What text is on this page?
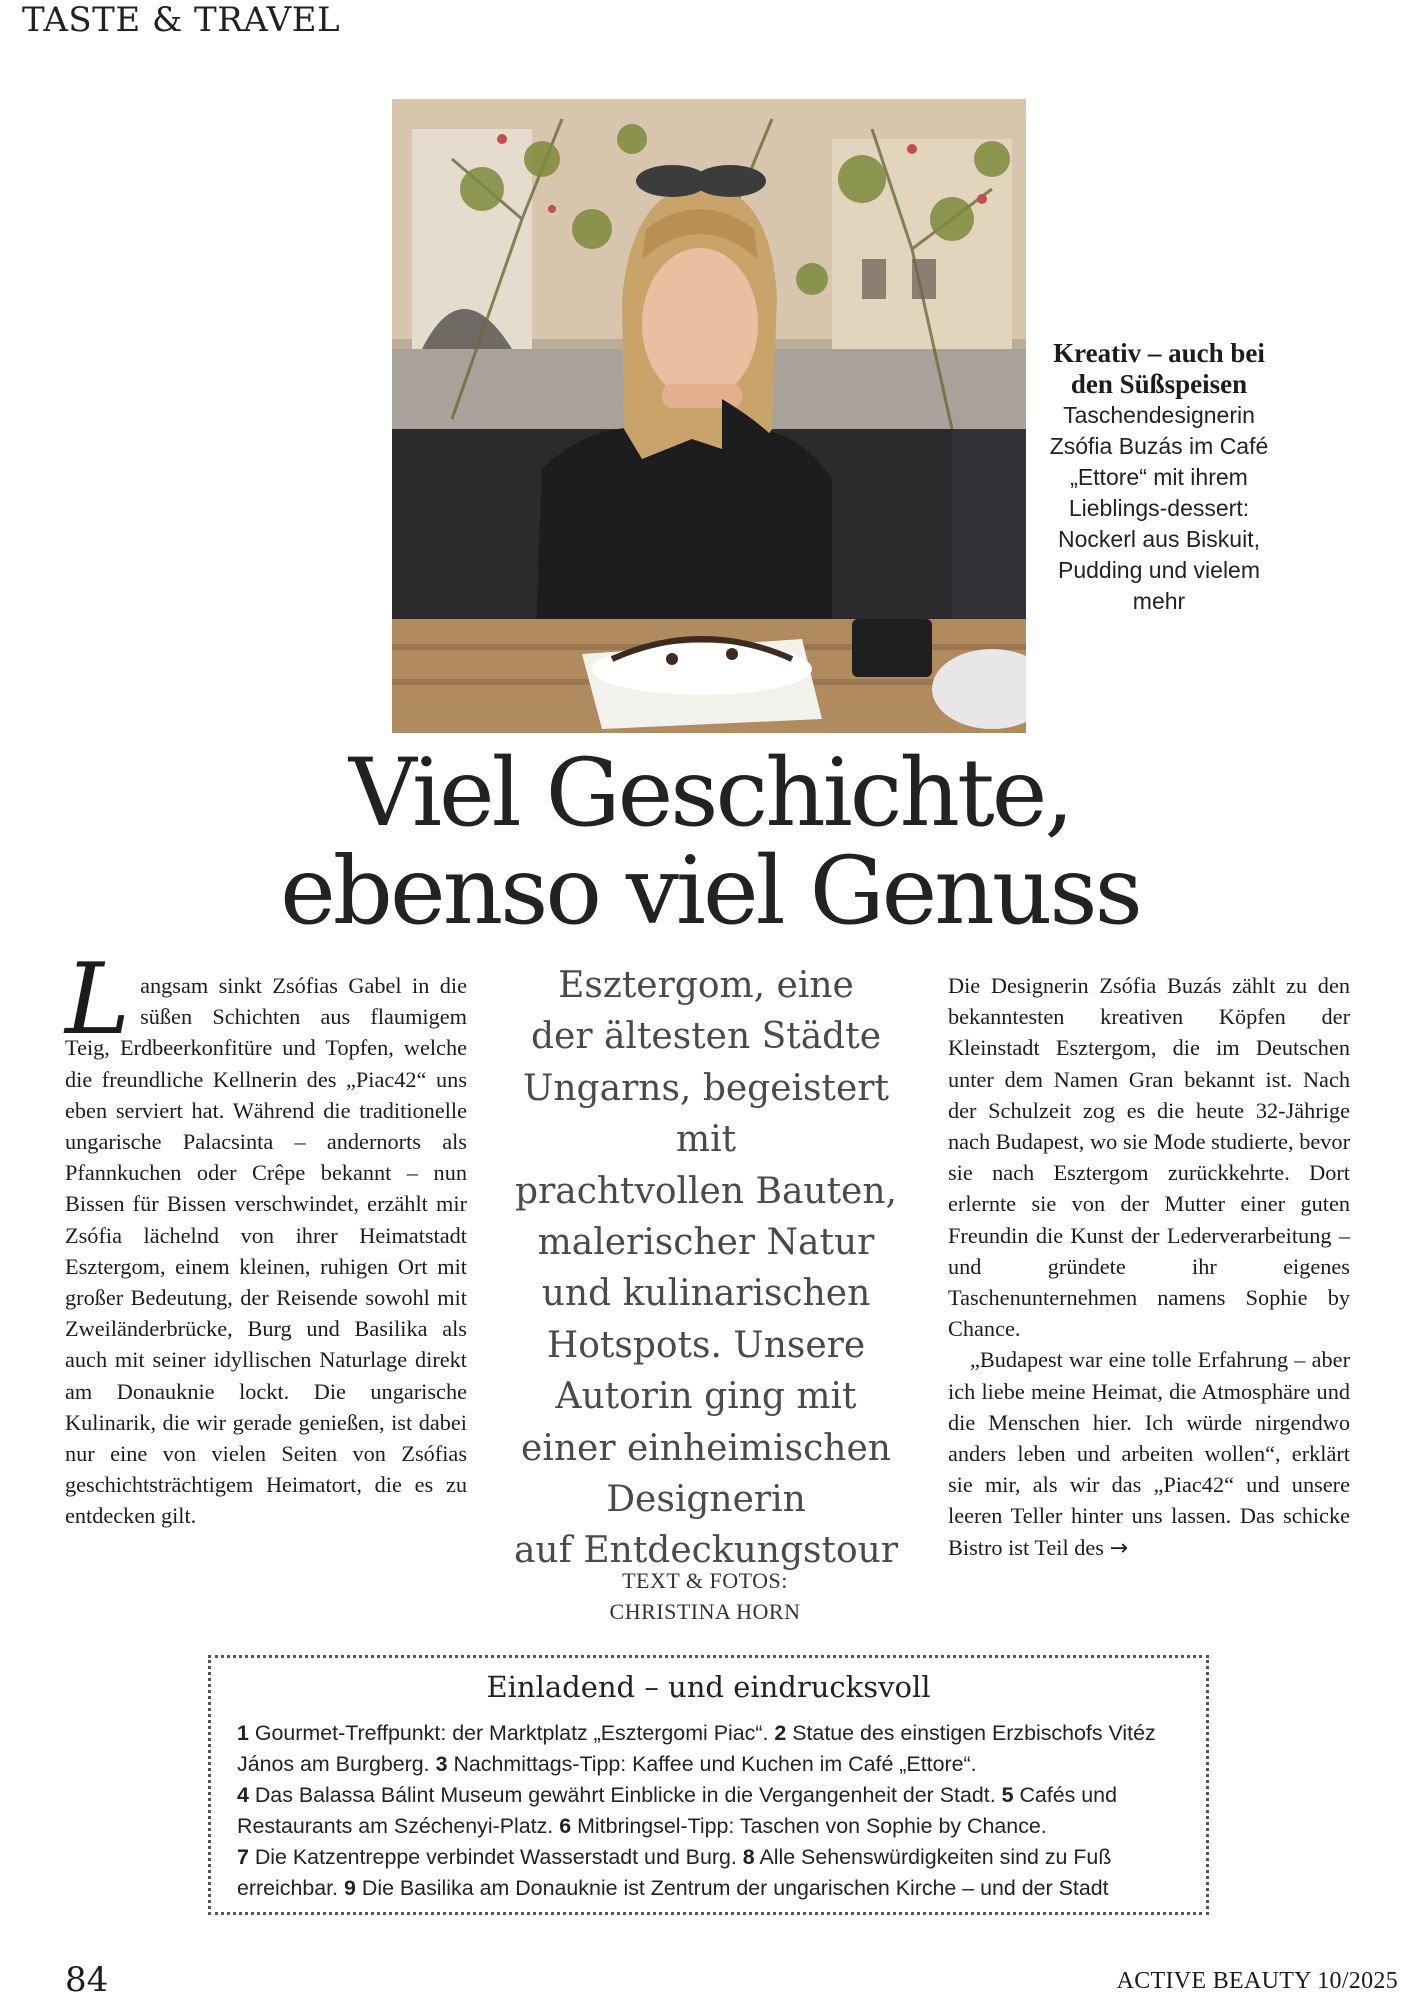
TASTE & TRAVEL
Kreativ – auch bei den Süßspeisen
Taschendesignerin Zsófia Buzás im Café „Ettore“ mit ihrem Lieblings-dessert: Nockerl aus Biskuit, Pudding und vielem mehr
Viel Geschichte,
ebenso viel Genuss
L angsam sinkt Zsófias Gabel in die süßen Schichten aus flaumigem Teig, Erdbeerkonfitüre und Topfen, welche die freundliche Kellnerin des „Piac42“ uns eben serviert hat. Während die traditionelle ungarische Palacsinta – andernorts als Pfannkuchen oder Crêpe bekannt – nun Bissen für Bissen verschwindet, erzählt mir Zsófia lächelnd von ihrer Heimatstadt Esztergom, einem kleinen, ruhigen Ort mit großer Bedeutung, der Reisende sowohl mit Zweiländerbrücke, Burg und Basilika als auch mit seiner idyllischen Naturlage direkt am Donauknie lockt. Die ungarische Kulinarik, die wir gerade genießen, ist dabei nur eine von vielen Seiten von Zsófias geschichtsträchtigem Heimatort, die es zu entdecken gilt.
Esztergom, eine
der ältesten Städte
Ungarns, begeistert mit
prachtvollen Bauten,
malerischer Natur
und kulinarischen
Hotspots. Unsere
Autorin ging mit
einer einheimischen
Designerin
auf Entdeckungstour
TEXT & FOTOS:
CHRISTINA HORN

Die Designerin Zsófia Buzás zählt zu den bekanntesten kreativen Köpfen der Kleinstadt Esztergom, die im Deutschen unter dem Namen Gran bekannt ist. Nach der Schulzeit zog es die heute 32-Jährige nach Budapest, wo sie Mode studierte, bevor sie nach Esztergom zurückkehrte. Dort erlernte sie von der Mutter einer guten Freundin die Kunst der Lederverarbeitung – und gründete ihr eigenes Taschenunternehmen namens Sophie by Chance.

„Budapest war eine tolle Erfahrung – aber ich liebe meine Heimat, die Atmosphäre und die Menschen hier. Ich würde nirgendwo anders leben und arbeiten wollen“, erklärt sie mir, als wir das „Piac42“ und unsere leeren Teller hinter uns lassen. Das schicke Bistro ist Teil des →

Einladend – und eindrucksvoll
1 Gourmet-Treffpunkt: der Marktplatz „Esztergomi Piac“. 2 Statue des einstigen Erzbischofs Vitéz János am Burgberg. 3 Nachmittags-Tipp: Kaffee und Kuchen im Café „Ettore“.
4 Das Balassa Bálint Museum gewährt Einblicke in die Vergangenheit der Stadt. 5 Cafés und Restaurants am Széchenyi-Platz. 6 Mitbringsel-Tipp: Taschen von Sophie by Chance.
7 Die Katzentreppe verbindet Wasserstadt und Burg. 8 Alle Sehenswürdigkeiten sind zu Fuß erreichbar. 9 Die Basilika am Donauknie ist Zentrum der ungarischen Kirche – und der Stadt
84	ACTIVE BEAUTY 10/2025
